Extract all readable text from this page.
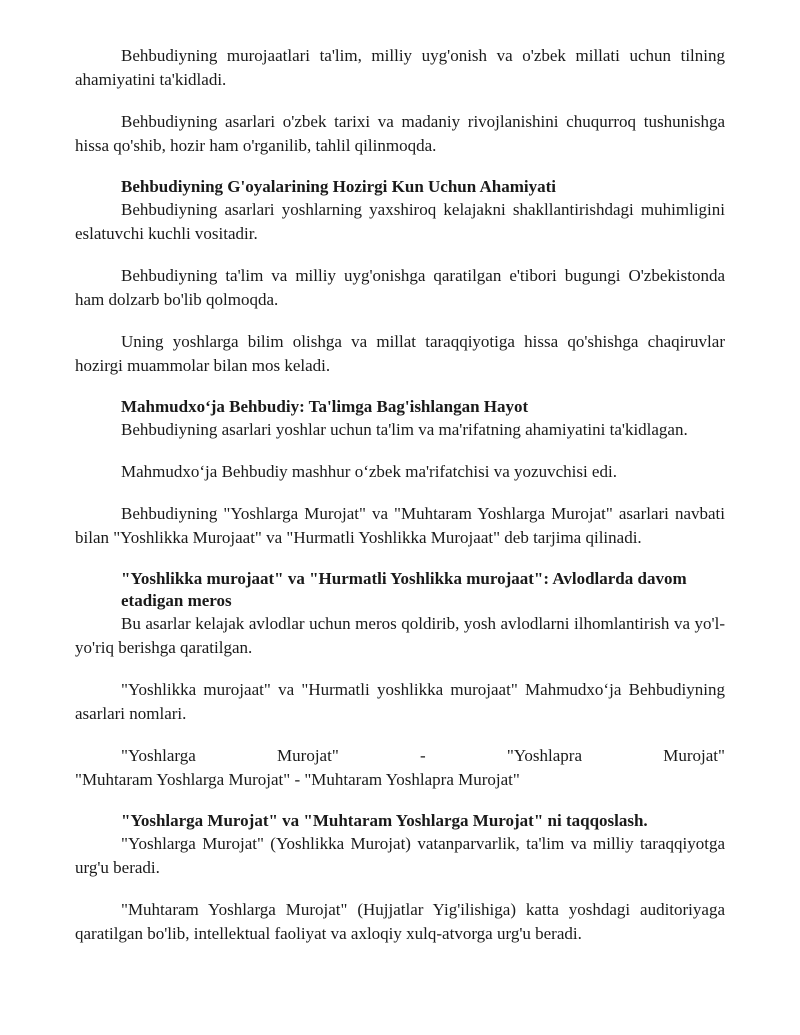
Behbudiyning murojaatlari ta'lim, milliy uyg'onish va o'zbek millati uchun tilning ahamiyatini ta'kidladi.

Behbudiyning asarlari o'zbek tarixi va madaniy rivojlanishini chuqurroq tushunishga hissa qo'shib, hozir ham o'rganilib, tahlil qilinmoqda.

Behbudiyning G'oyalarining Hozirgi Kun Uchun Ahamiyati

Behbudiyning asarlari yoshlarning yaxshiroq kelajakni shakllantirishdagi muhimligini eslatuvchi kuchli vositadir.

Behbudiyning ta'lim va milliy uyg'onishga qaratilgan e'tibori bugungi O'zbekistonda ham dolzarb bo'lib qolmoqda.

Uning yoshlarga bilim olishga va millat taraqqiyotiga hissa qo'shishga chaqiruvlar hozirgi muammolar bilan mos keladi.

Mahmudxo‘ja Behbudiy: Ta'limga Bag'ishlangan Hayot

Behbudiyning asarlari yoshlar uchun ta'lim va ma'rifatning ahamiyatini ta'kidlagan.

Mahmudxo‘ja Behbudiy mashhur o‘zbek ma'rifatchisi va yozuvchisi edi.

Behbudiyning "Yoshlarga Murojat" va "Muhtaram Yoshlarga Murojat" asarlari navbati bilan "Yoshlikka Murojaat" va "Hurmatli Yoshlikka Murojaat" deb tarjima qilinadi.

"Yoshlikka murojaat" va "Hurmatli Yoshlikka murojaat": Avlodlarda davom etadigan meros

Bu asarlar kelajak avlodlar uchun meros qoldirib, yosh avlodlarni ilhomlantirish va yo'l-yo'riq berishga qaratilgan.

"Yoshlikka murojaat" va "Hurmatli yoshlikka murojaat" Mahmudxo‘ja Behbudiyning asarlari nomlari.

"Yoshlarga	Murojat"	-	"Yoshlapra	Murojat"
"Muhtaram Yoshlarga Murojat" - "Muhtaram Yoshlapra Murojat"
"Yoshlarga Murojat" va "Muhtaram Yoshlarga Murojat" ni taqqoslash.

"Yoshlarga Murojat" (Yoshlikka Murojat) vatanparvarlik, ta'lim va milliy taraqqiyotga urg'u beradi.

"Muhtaram Yoshlarga Murojat" (Hujjatlar Yig'ilishiga) katta yoshdagi auditoriyaga qaratilgan bo'lib, intellektual faoliyat va axloqiy xulq-atvorga urg'u beradi.
